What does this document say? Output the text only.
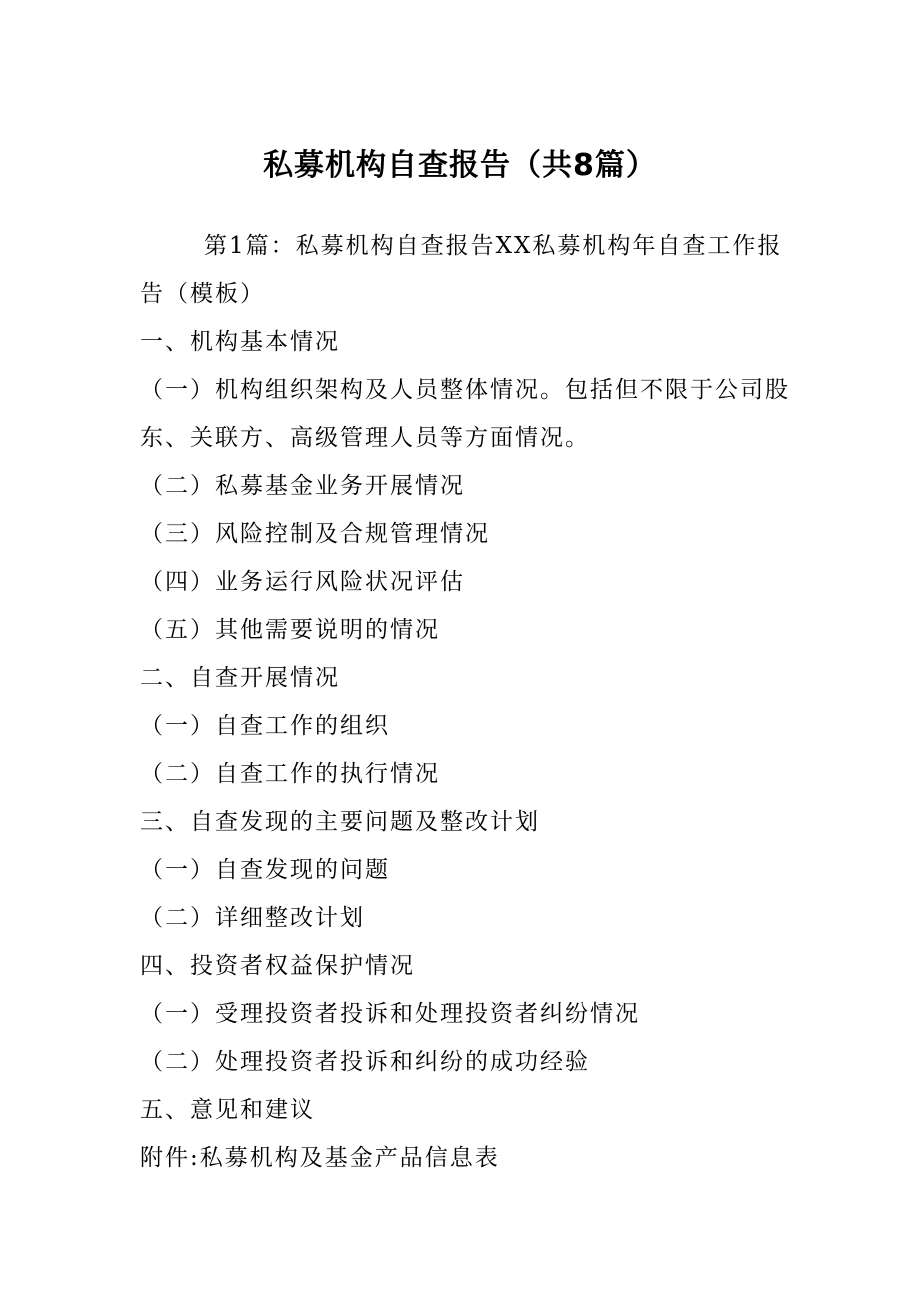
私募机构自查报告（共8篇）

第1篇：私募机构自查报告XX私募机构年自查工作报告（模板）

一、机构基本情况

（一）机构组织架构及人员整体情况。包括但不限于公司股东、关联方、高级管理人员等方面情况。

（二）私募基金业务开展情况

（三）风险控制及合规管理情况

（四）业务运行风险状况评估

（五）其他需要说明的情况

二、自查开展情况

（一）自查工作的组织

（二）自查工作的执行情况

三、自查发现的主要问题及整改计划

（一）自查发现的问题

（二）详细整改计划

四、投资者权益保护情况

（一）受理投资者投诉和处理投资者纠纷情况

（二）处理投资者投诉和纠纷的成功经验

五、意见和建议

附件:私募机构及基金产品信息表
